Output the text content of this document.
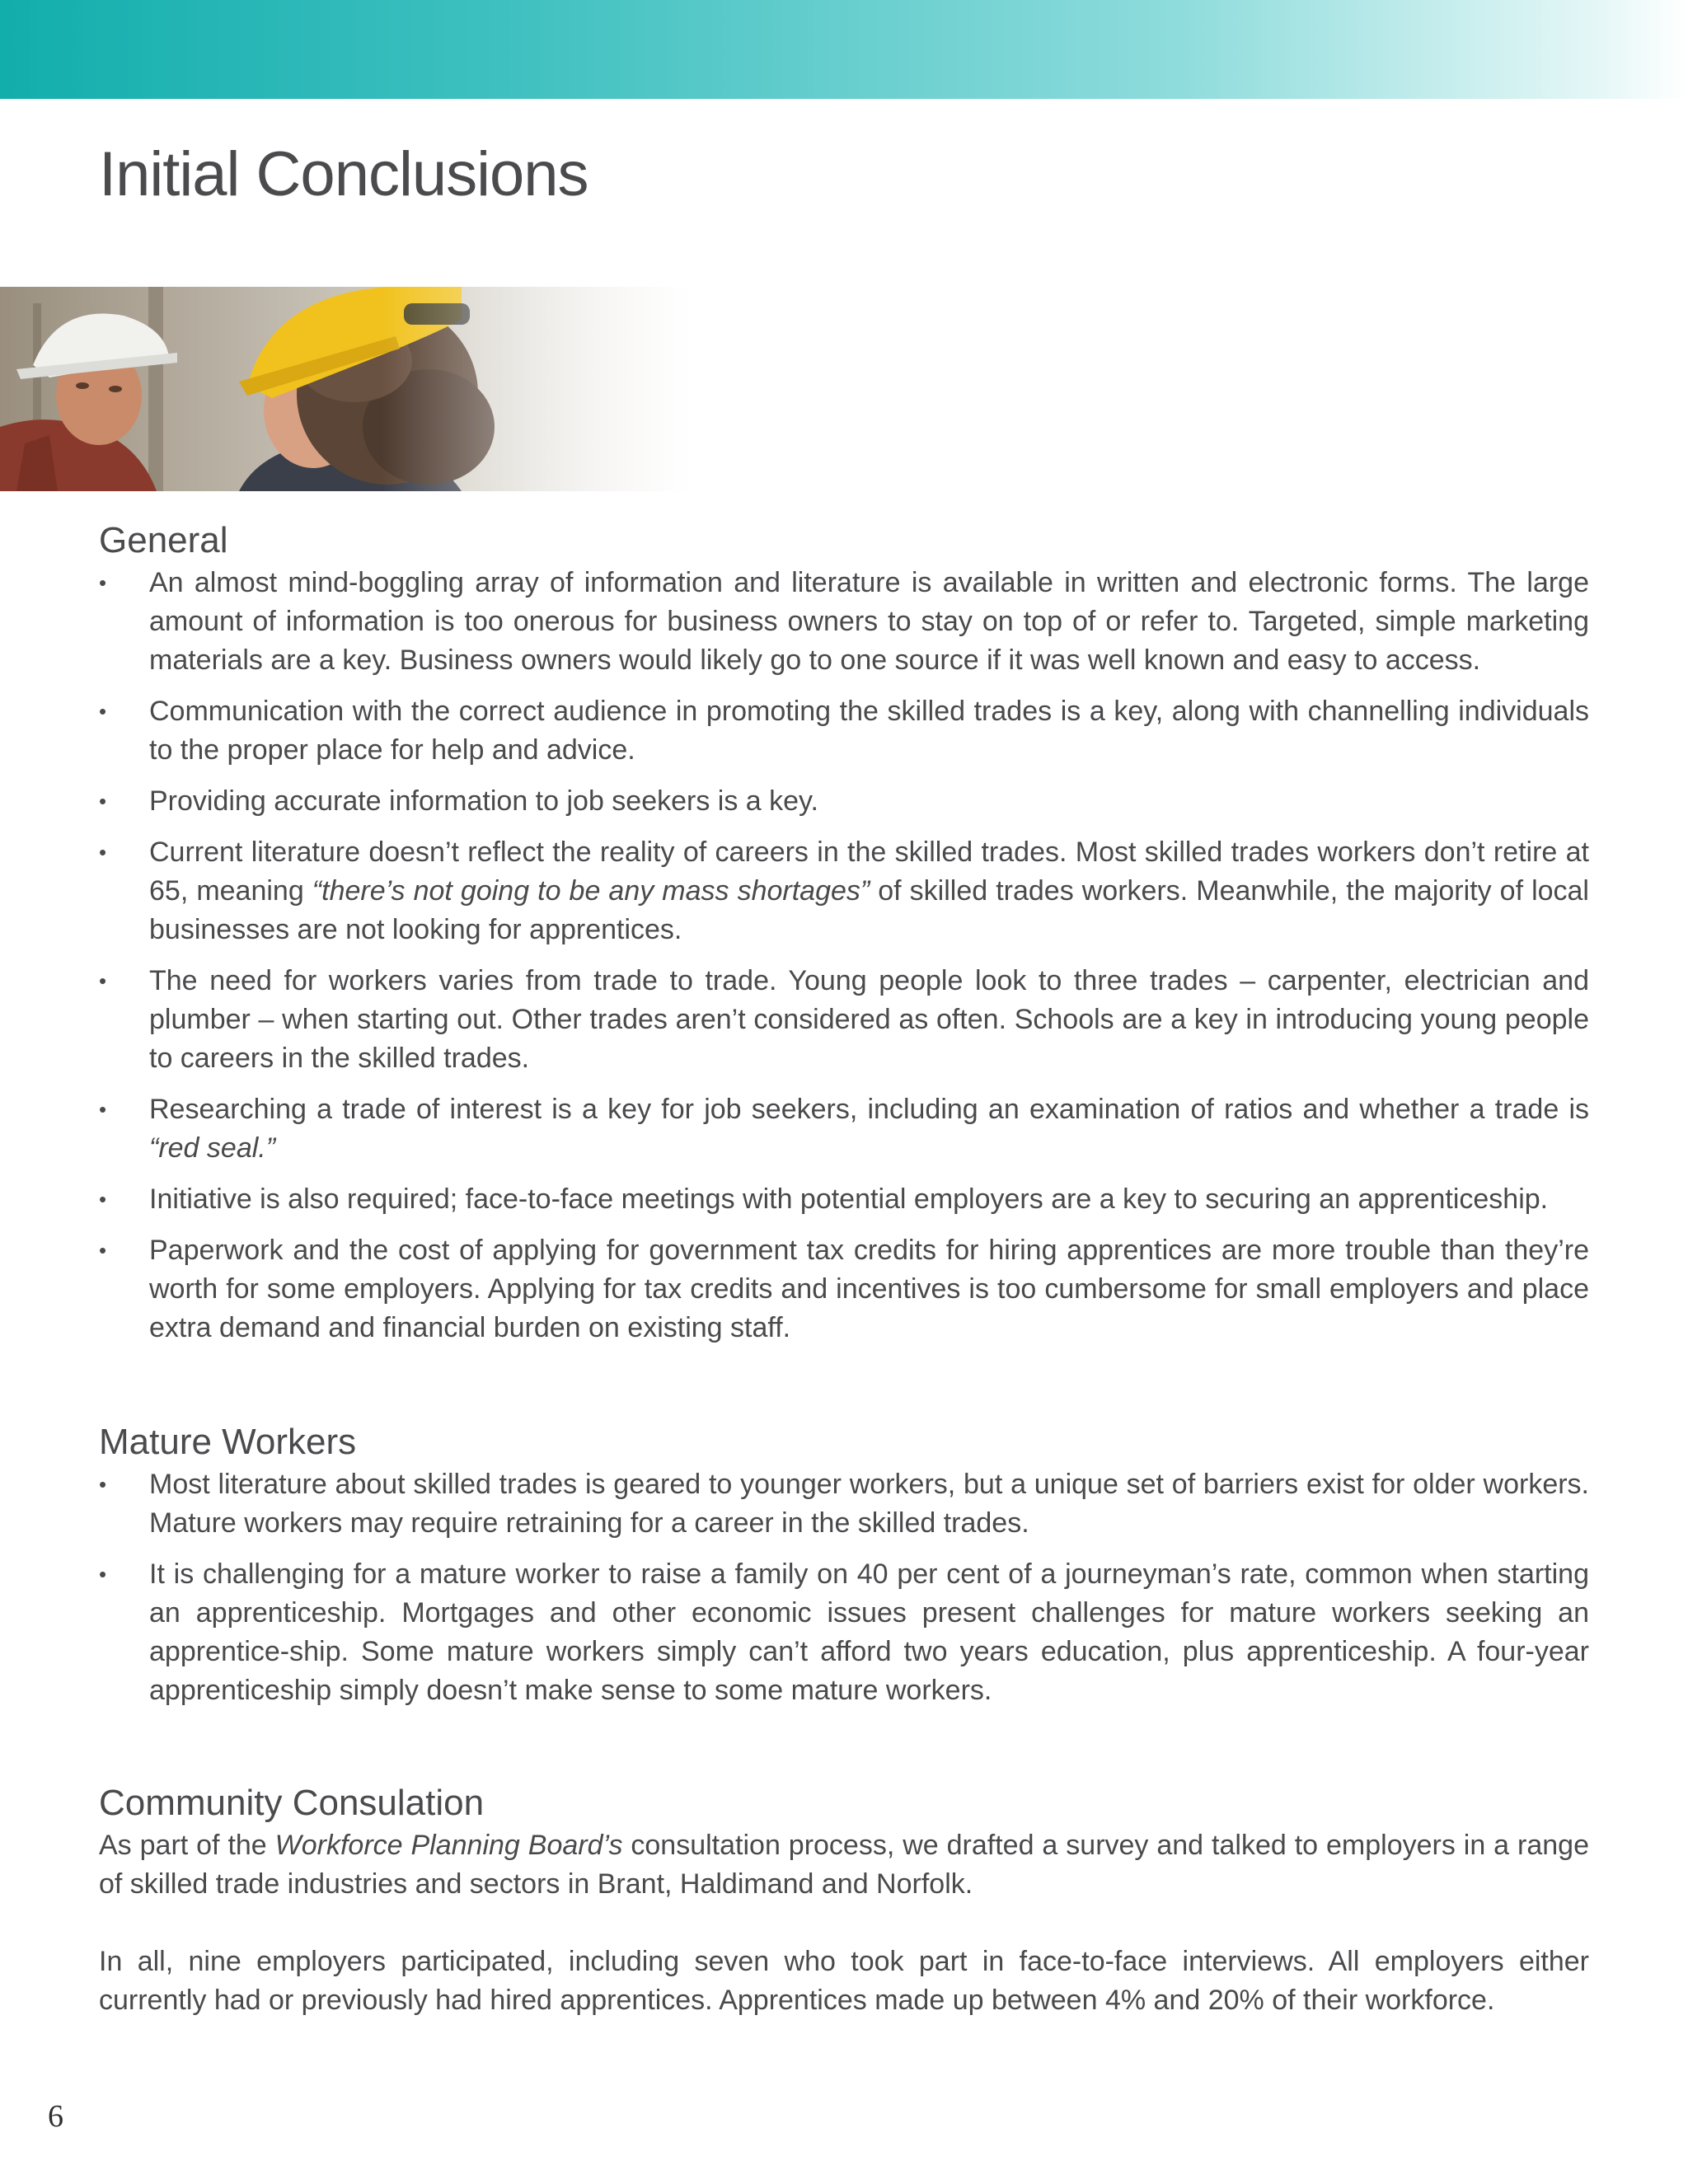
Initial Conclusions
General
• An almost mind-boggling array of information and literature is available in written and electronic forms. The large amount of information is too onerous for business owners to stay on top of or refer to. Targeted, simple marketing materials are a key. Business owners would likely go to one source if it was well known and easy to access.
• Communication with the correct audience in promoting the skilled trades is a key, along with channelling individuals to the proper place for help and advice.
• Providing accurate information to job seekers is a key.
• Current literature doesn’t reflect the reality of careers in the skilled trades. Most skilled trades workers don’t retire at 65, meaning “there’s not going to be any mass shortages” of skilled trades workers. Meanwhile, the majority of local businesses are not looking for apprentices.
• The need for workers varies from trade to trade. Young people look to three trades – carpenter, electrician and plumber – when starting out. Other trades aren’t considered as often. Schools are a key in introducing young people to careers in the skilled trades.
• Researching a trade of interest is a key for job seekers, including an examination of ratios and whether a trade is “red seal.”
• Initiative is also required; face-to-face meetings with potential employers are a key to securing an apprenticeship.
• Paperwork and the cost of applying for government tax credits for hiring apprentices are more trouble than they’re worth for some employers. Applying for tax credits and incentives is too cumbersome for small employers and place extra demand and financial burden on existing staff.
Mature Workers
• Most literature about skilled trades is geared to younger workers, but a unique set of barriers exist for older workers. Mature workers may require retraining for a career in the skilled trades.
• It is challenging for a mature worker to raise a family on 40 per cent of a journeyman’s rate, common when starting an apprenticeship. Mortgages and other economic issues present challenges for mature workers seeking an apprentice-ship. Some mature workers simply can’t afford two years education, plus apprenticeship. A four-year apprenticeship simply doesn’t make sense to some mature workers.
Community Consulation

As part of the Workforce Planning Board’s consultation process, we drafted a survey and talked to employers in a range of skilled trade industries and sectors in Brant, Haldimand and Norfolk.

In all, nine employers participated, including seven who took part in face-to-face interviews. All employers either currently had or previously had hired apprentices. Apprentices made up between 4% and 20% of their workforce.

6
